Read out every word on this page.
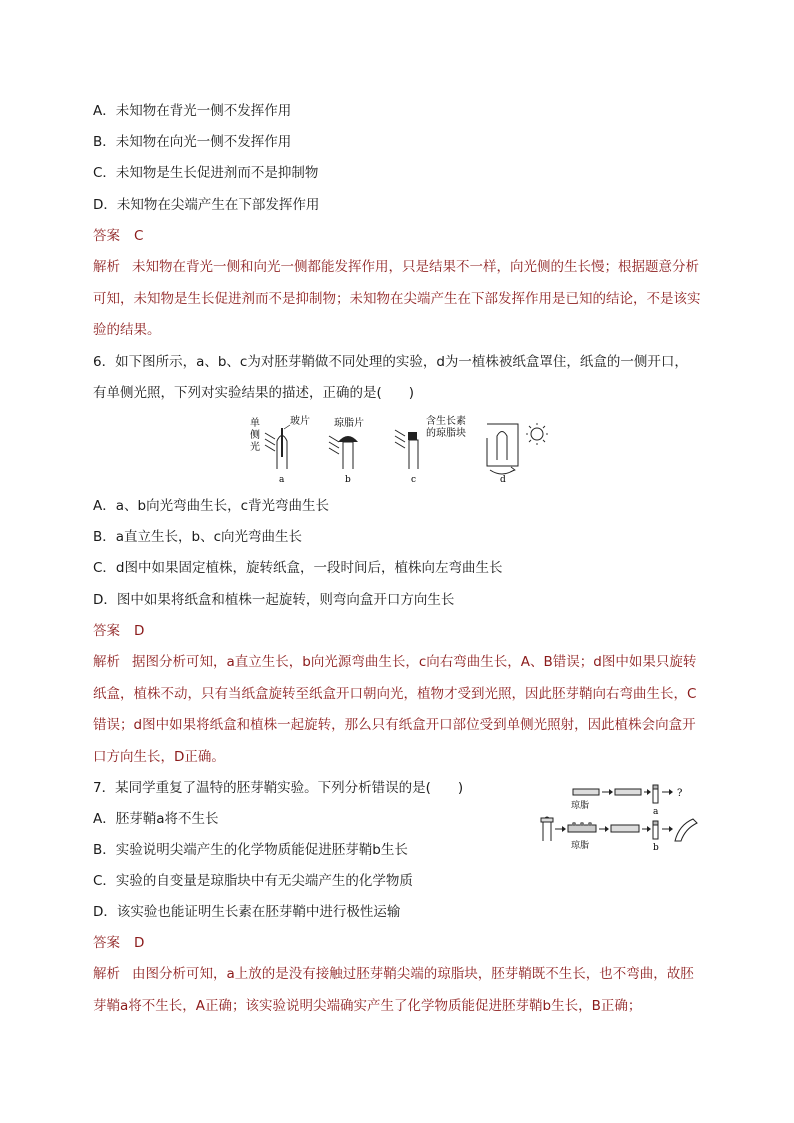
A．未知物在背光一侧不发挥作用
B．未知物在向光一侧不发挥作用
C．未知物是生长促进剂而不是抑制物
D．未知物在尖端产生在下部发挥作用
答案 C
解析 未知物在背光一侧和向光一侧都能发挥作用，只是结果不一样，向光侧的生长慢；根据题意分析可知，未知物是生长促进剂而不是抑制物；未知物在尖端产生在下部发挥作用是已知的结论，不是该实验的结果。
6．如下图所示，a、b、c为对胚芽鞘做不同处理的实验，d为一植株被纸盒罩住，纸盒的一侧开口，
有单侧光照，下列对实验结果的描述，正确的是(　　)
单
侧
光
玻片
a
琼脂片
b
含生长素
的琼脂块
c	d
A．a、b向光弯曲生长，c背光弯曲生长
B．a直立生长，b、c向光弯曲生长
C．d图中如果固定植株，旋转纸盒，一段时间后，植株向左弯曲生长
D．图中如果将纸盒和植株一起旋转，则弯向盒开口方向生长
答案 D
解析 据图分析可知，a直立生长，b向光源弯曲生长，c向右弯曲生长，A、B错误；d图中如果只旋转纸盒，植株不动，只有当纸盒旋转至纸盒开口朝向光，植物才受到光照，因此胚芽鞘向右弯曲生长，C错误；d图中如果将纸盒和植株一起旋转，那么只有纸盒开口部位受到单侧光照射，因此植株会向盒开口方向生长，D正确。
7．某同学重复了温特的胚芽鞘实验。下列分析错误的是(　　)	?
琼脂
a
琼脂	b
A．胚芽鞘a将不生长
B．实验说明尖端产生的化学物质能促进胚芽鞘b生长
C．实验的自变量是琼脂块中有无尖端产生的化学物质
D．该实验也能证明生长素在胚芽鞘中进行极性运输
答案 D
解析 由图分析可知，a上放的是没有接触过胚芽鞘尖端的琼脂块，胚芽鞘既不生长，也不弯曲，故胚芽鞘a将不生长，A正确；该实验说明尖端确实产生了化学物质能促进胚芽鞘b生长，B正确；
